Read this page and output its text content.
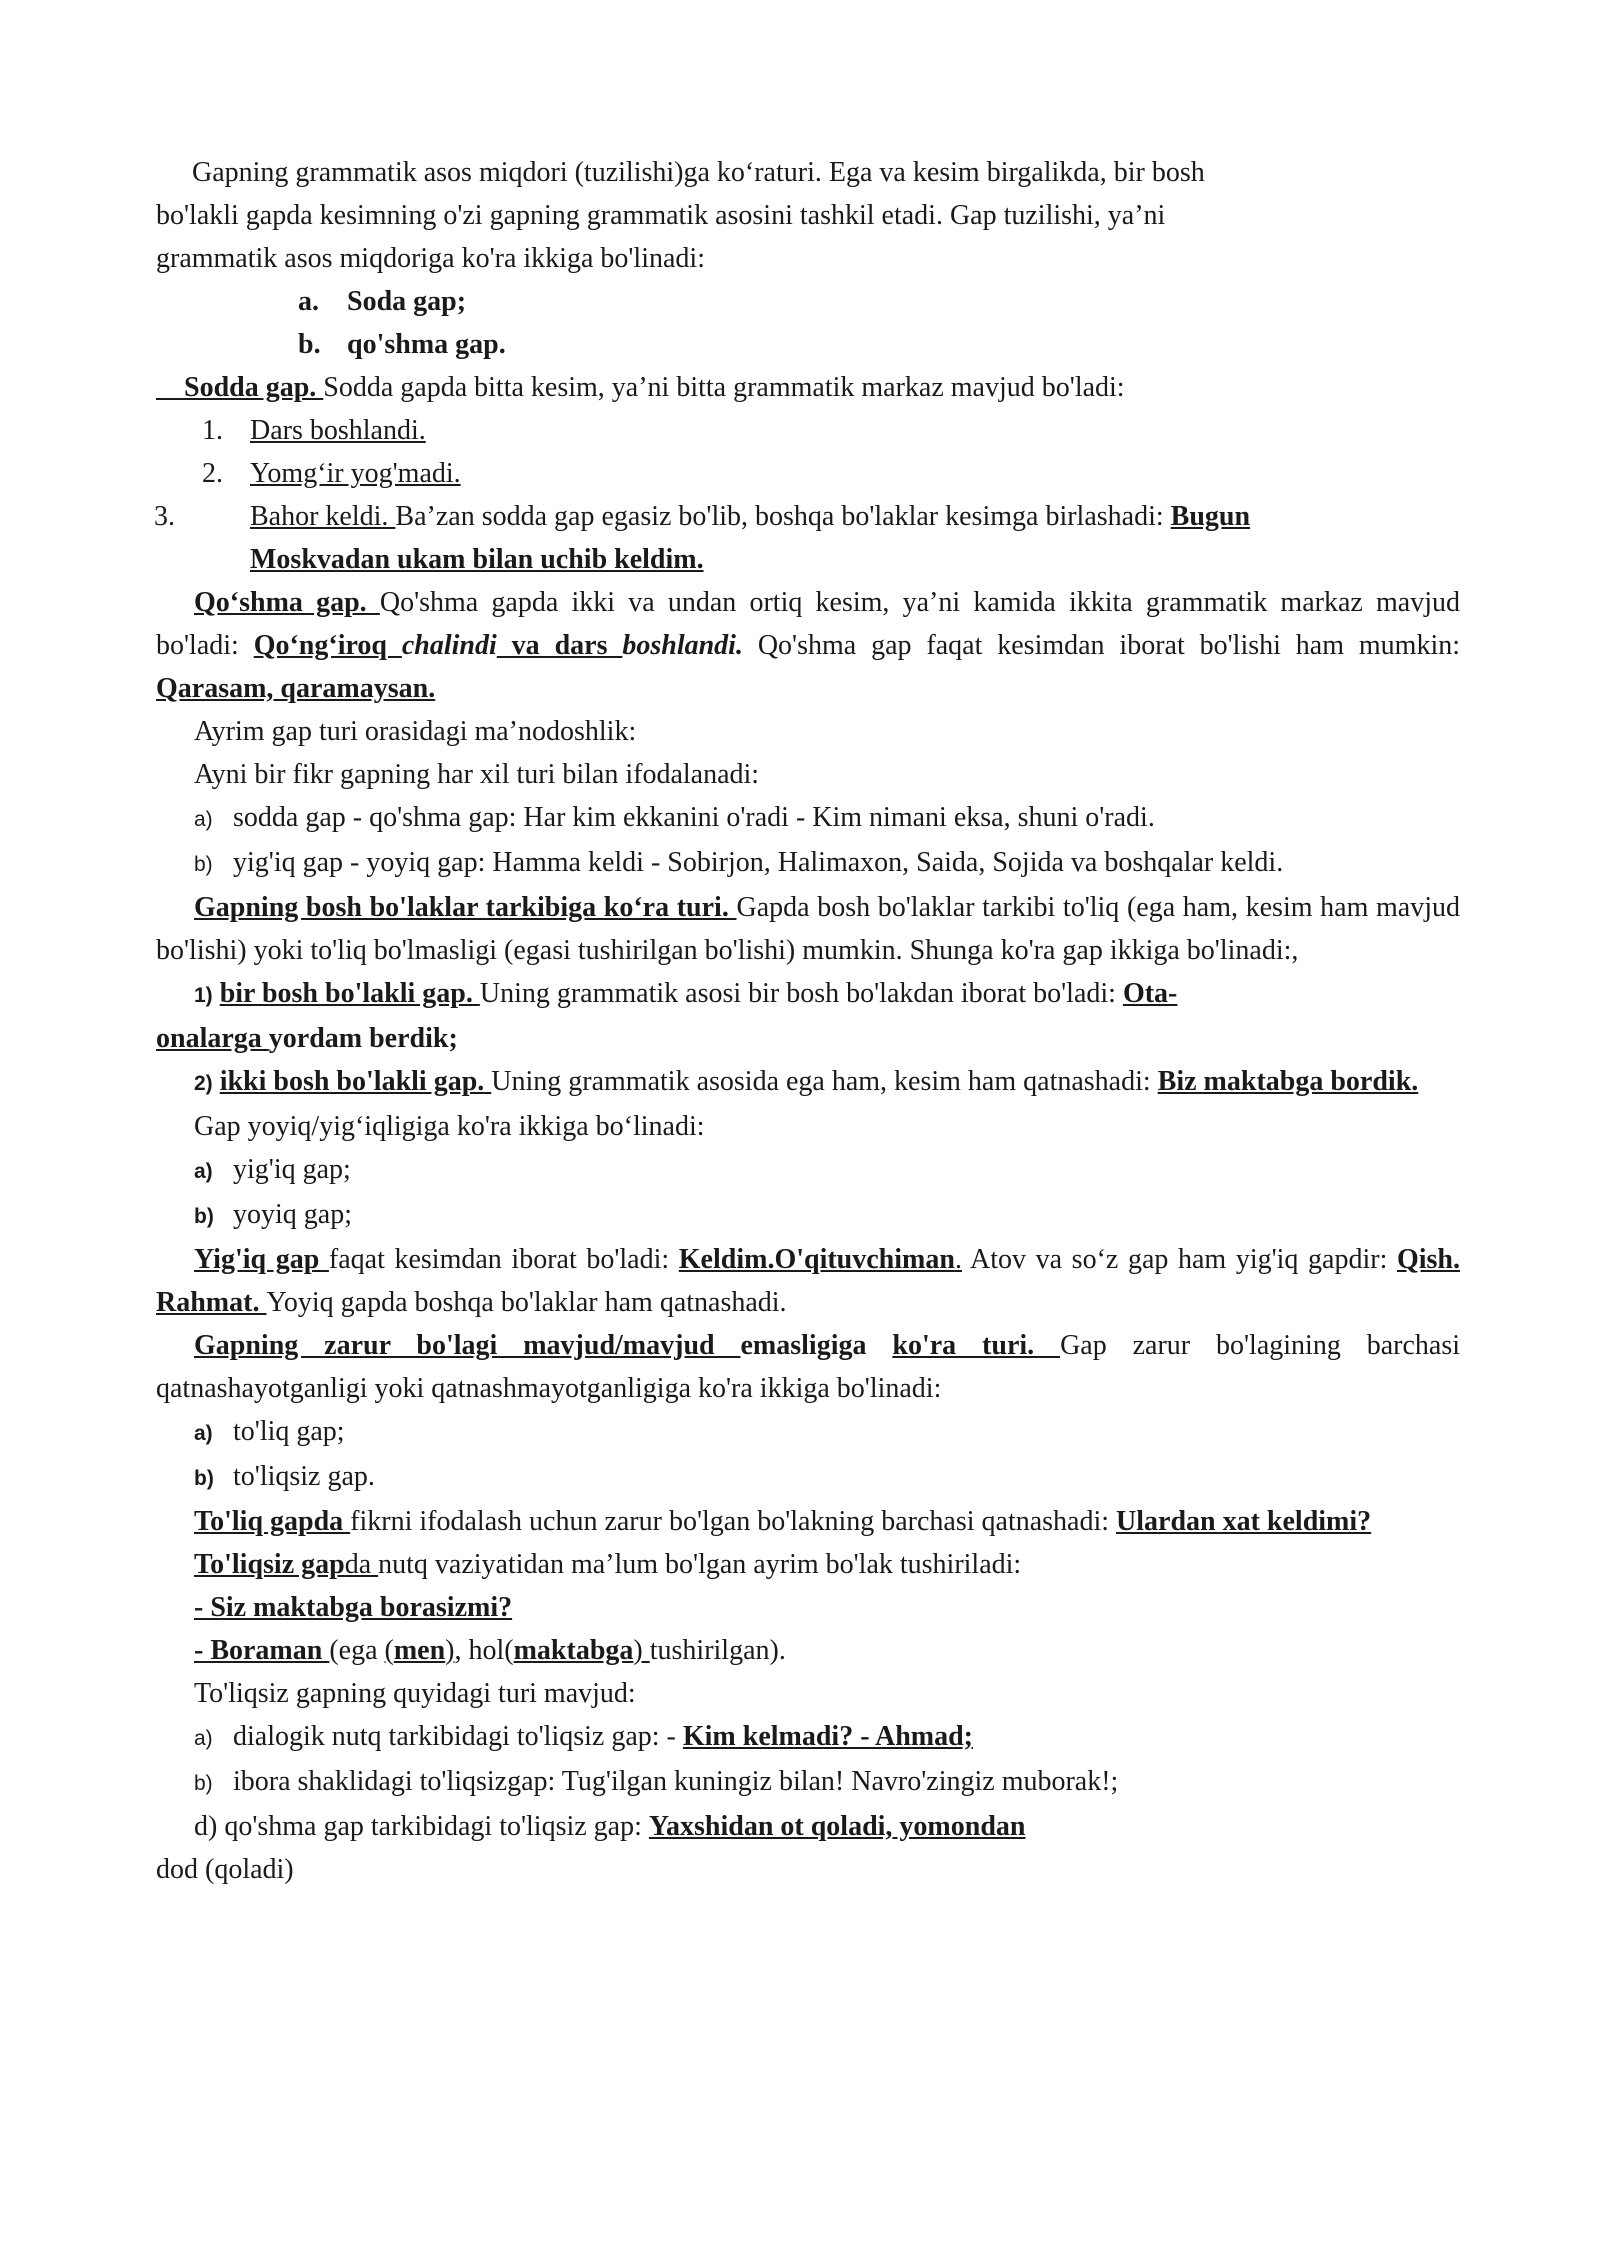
Gapning grammatik asos miqdori (tuzilishi)ga ko‘raturi. Ega va kesim birgalikda, bir bosh

bo'lakli gapda kesimning o'zi gapning grammatik asosini tashkil etadi. Gap tuzilishi, ya’ni

grammatik asos miqdoriga ko'ra ikkiga bo'linadi:

a. Soda gap;

b. qo'shma gap.

Sodda gap. Sodda gapda bitta kesim, ya’ni bitta grammatik markaz mavjud bo'ladi:

1. Dars boshlandi.

2. Yomg‘ir yog'madi.

3.	Bahor keldi. Ba’zan sodda gap egasiz bo'lib, boshqa bo'laklar kesimga birlashadi: Bugun
Moskvadan ukam bilan uchib keldim.

Qo‘shma gap. Qo'shma gapda ikki va undan ortiq kesim, ya’ni kamida ikkita grammatik markaz mavjud bo'ladi: Qo‘ng‘iroq chalindi va dars boshlandi. Qo'shma gap faqat kesimdan iborat bo'lishi ham mumkin: Qarasam, qaramaysan.

Ayrim gap turi orasidagi ma’nodoshlik:

Ayni bir fikr gapning har xil turi bilan ifodalanadi:

a) sodda gap - qo'shma gap: Har kim ekkanini o'radi - Kim nimani eksa, shuni o'radi.

b) yig'iq gap - yoyiq gap: Hamma keldi - Sobirjon, Halimaxon, Saida, Sojida va boshqalar keldi.

Gapning bosh bo'laklar tarkibiga ko‘ra turi. Gapda bosh bo'laklar tarkibi to'liq (ega ham, kesim ham mavjud bo'lishi) yoki to'liq bo'lmasligi (egasi tushirilgan bo'lishi) mumkin. Shunga ko'ra gap ikkiga bo'linadi:,

1) bir bosh bo'lakli gap. Uning grammatik asosi bir bosh bo'lakdan iborat bo'ladi: Ota-

onalarga yordam berdik;

2) ikki bosh bo'lakli gap. Uning grammatik asosida ega ham, kesim ham qatnashadi: Biz maktabga bordik.

Gap yoyiq/yig‘iqligiga ko'ra ikkiga bo‘linadi:

a) yig'iq gap;

b) yoyiq gap;

Yig'iq gap faqat kesimdan iborat bo'ladi: Keldim.O'qituvchiman. Atov va so‘z gap ham yig'iq gapdir: Qish. Rahmat. Yoyiq gapda boshqa bo'laklar ham qatnashadi.

Gapning zarur bo'lagi mavjud/mavjud emasligiga ko'ra turi. Gap zarur bo'lagining barchasi qatnashayotganligi yoki qatnashmayotganligiga ko'ra ikkiga bo'linadi:

a) to'liq gap;

b) to'liqsiz gap.

To'liq gapda fikrni ifodalash uchun zarur bo'lgan bo'lakning barchasi qatnashadi: Ulardan xat keldimi?

To'liqsiz gapda nutq vaziyatidan ma’lum bo'lgan ayrim bo'lak tushiriladi:

- Siz maktabga borasizmi?

- Boraman (ega (men), hol(maktabga) tushirilgan).

To'liqsiz gapning quyidagi turi mavjud:

a) dialogik nutq tarkibidagi to'liqsiz gap: - Kim kelmadi? - Ahmad;

b) ibora shaklidagi to'liqsizgap: Tug'ilgan kuningiz bilan! Navro'zingiz muborak!;

d) qo'shma gap tarkibidagi to'liqsiz gap: Yaxshidan ot qoladi, yomondan

dod (qoladi)
